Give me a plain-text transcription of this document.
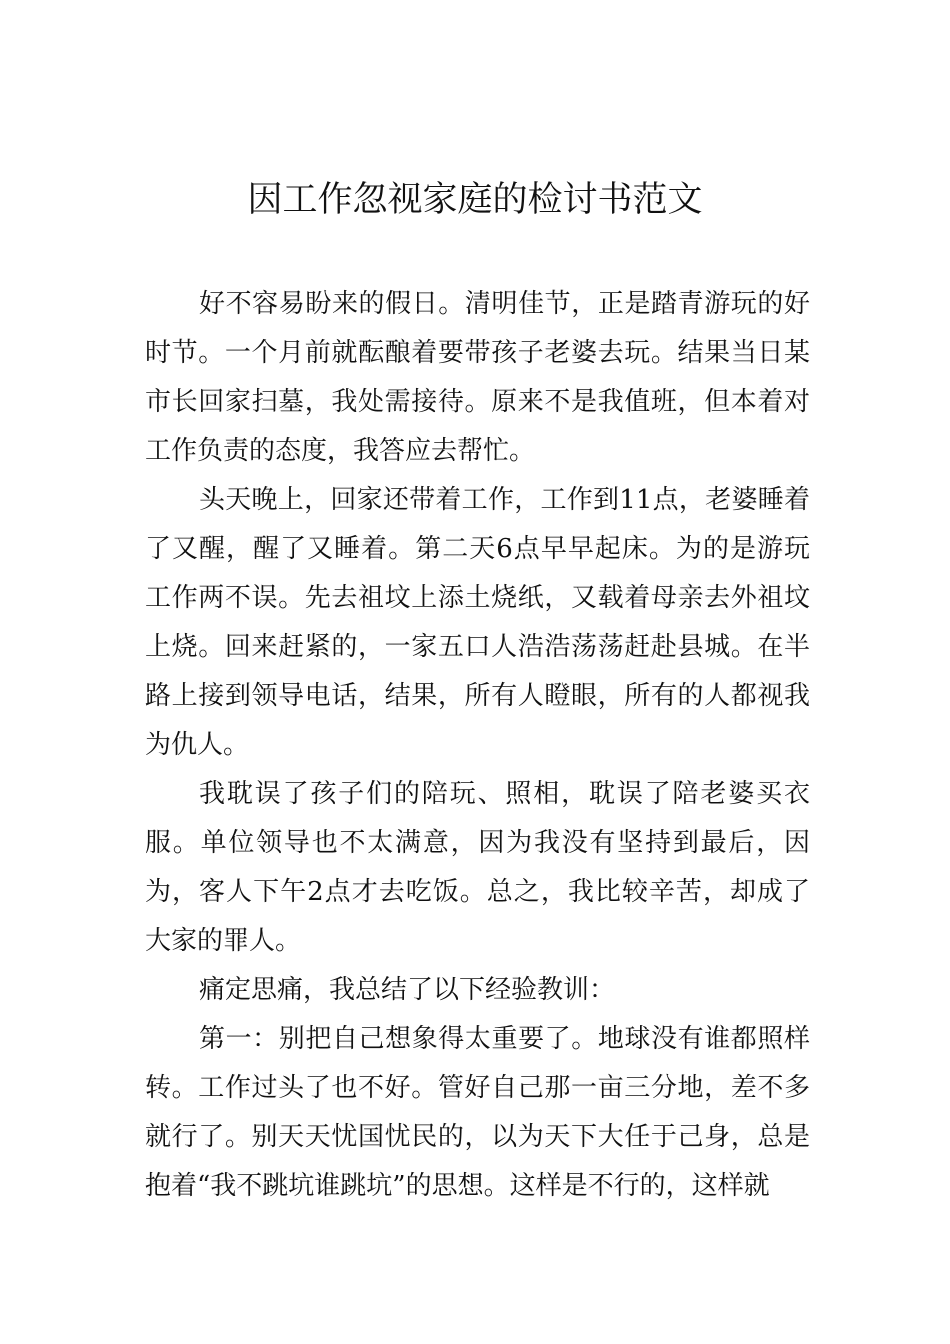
因工作忽视家庭的检讨书范文

好不容易盼来的假日。清明佳节，正是踏青游玩的好时节。一个月前就酝酿着要带孩子老婆去玩。结果当日某市长回家扫墓，我处需接待。原来不是我值班，但本着对工作负责的态度，我答应去帮忙。

头天晚上，回家还带着工作，工作到11点，老婆睡着了又醒，醒了又睡着。第二天6点早早起床。为的是游玩工作两不误。先去祖坟上添土烧纸，又载着母亲去外祖坟上烧。回来赶紧的，一家五口人浩浩荡荡赶赴县城。在半路上接到领导电话，结果，所有人瞪眼，所有的人都视我为仇人。

我耽误了孩子们的陪玩、照相，耽误了陪老婆买衣服。单位领导也不太满意，因为我没有坚持到最后，因为，客人下午2点才去吃饭。总之，我比较辛苦，却成了大家的罪人。

痛定思痛，我总结了以下经验教训：

第一：别把自己想象得太重要了。地球没有谁都照样转。工作过头了也不好。管好自己那一亩三分地，差不多就行了。别天天忧国忧民的，以为天下大任于己身，总是抱着“我不跳坑谁跳坑”的思想。这样是不行的，这样就
